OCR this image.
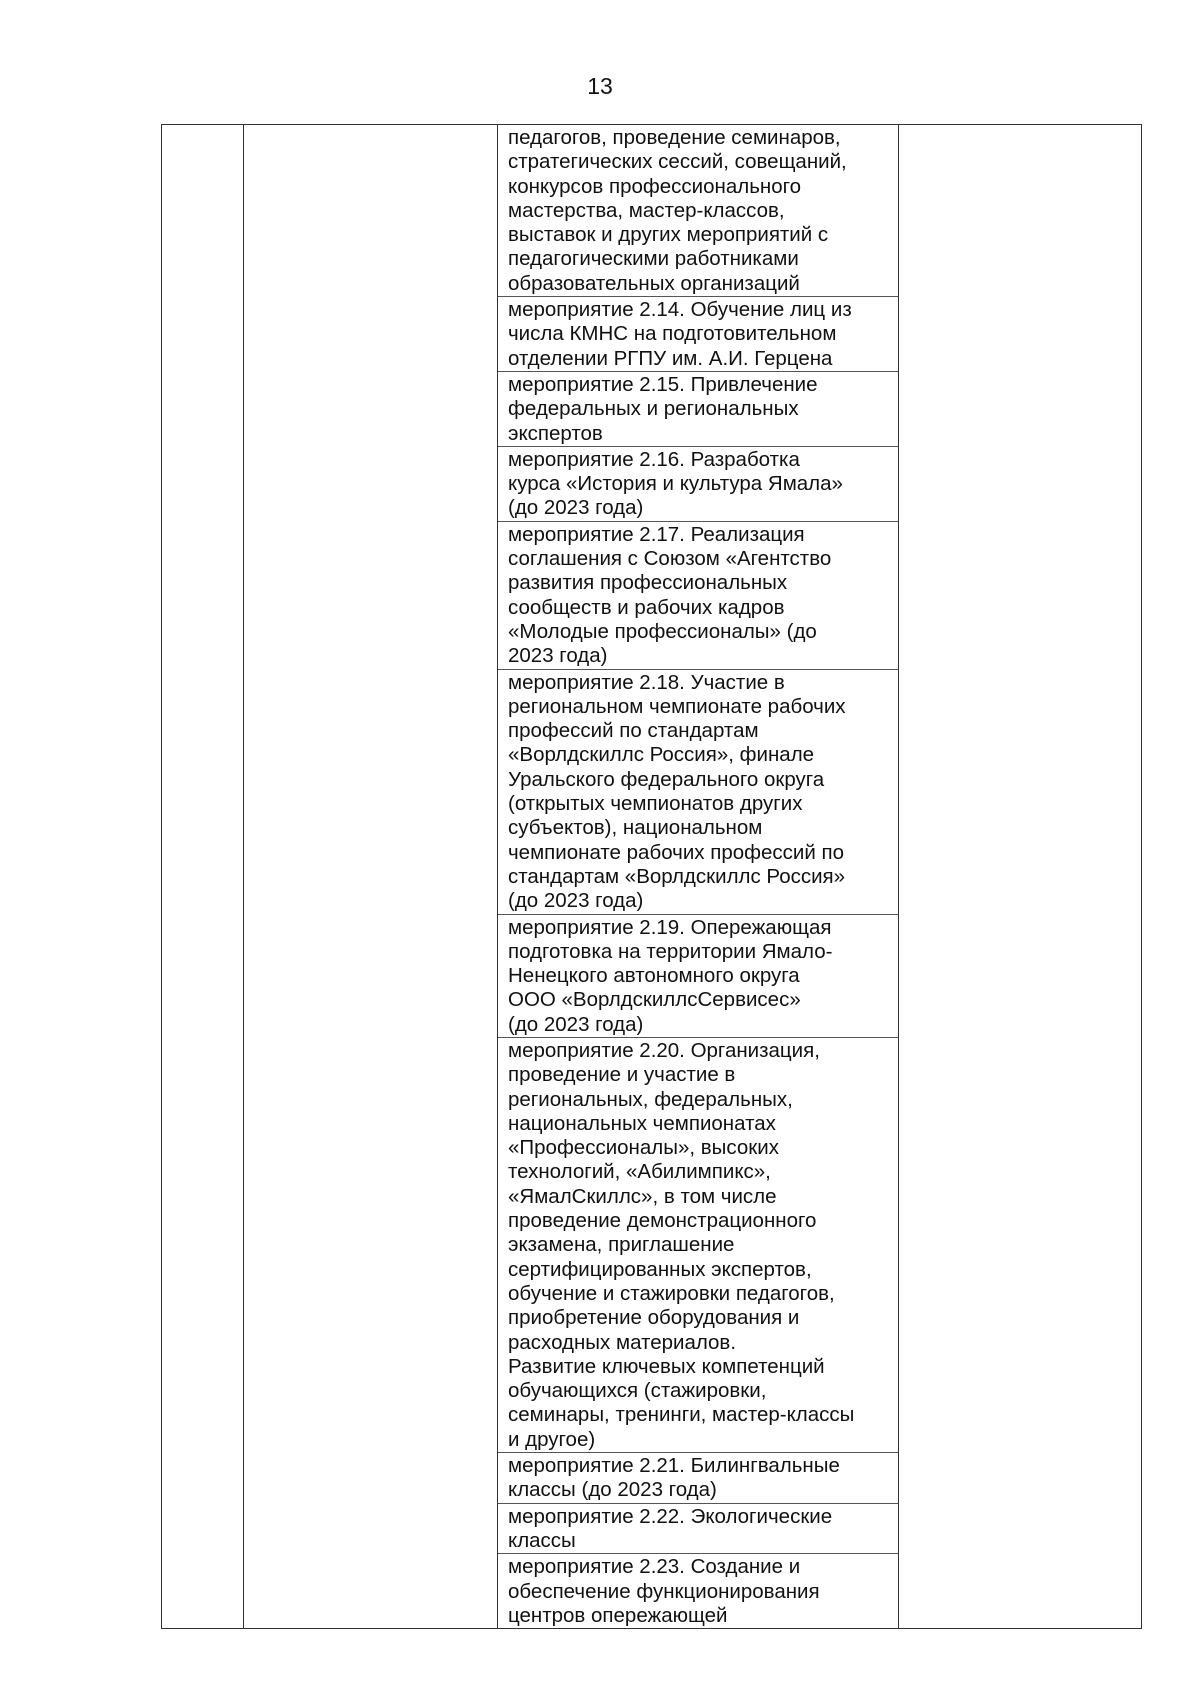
13

педагогов, проведение семинаров,
стратегических сессий, совещаний,
конкурсов профессионального
мастерства, мастер-классов,
выставок и других мероприятий с
педагогическими работниками
образовательных организаций
мероприятие 2.14. Обучение лиц из
числа КМНС на подготовительном
отделении РГПУ им. А.И. Герцена
мероприятие 2.15. Привлечение
федеральных и региональных
экспертов
мероприятие 2.16. Разработка
курса «История и культура Ямала»
(до 2023 года)
мероприятие 2.17. Реализация
соглашения с Союзом «Агентство
развития профессиональных
сообществ и рабочих кадров
«Молодые профессионалы» (до
2023 года)
мероприятие 2.18. Участие в
региональном чемпионате рабочих
профессий по стандартам
«Ворлдскиллс Россия», финале
Уральского федерального округа
(открытых чемпионатов других
субъектов), национальном
чемпионате рабочих профессий по
стандартам «Ворлдскиллс Россия»
(до 2023 года)
мероприятие 2.19. Опережающая
подготовка на территории Ямало-
Ненецкого автономного округа
ООО «ВорлдскиллсСервисес»
(до 2023 года)
мероприятие 2.20. Организация,
проведение и участие в
региональных, федеральных,
национальных чемпионатах
«Профессионалы», высоких
технологий, «Абилимпикс»,
«ЯмалСкиллс», в том числе
проведение демонстрационного
экзамена, приглашение
сертифицированных экспертов,
обучение и стажировки педагогов,
приобретение оборудования и
расходных материалов.
Развитие ключевых компетенций
обучающихся (стажировки,
семинары, тренинги, мастер-классы
и другое)
мероприятие 2.21. Билингвальные
классы (до 2023 года)
мероприятие 2.22. Экологические
классы
мероприятие 2.23. Создание и
обеспечение функционирования
центров опережающей
